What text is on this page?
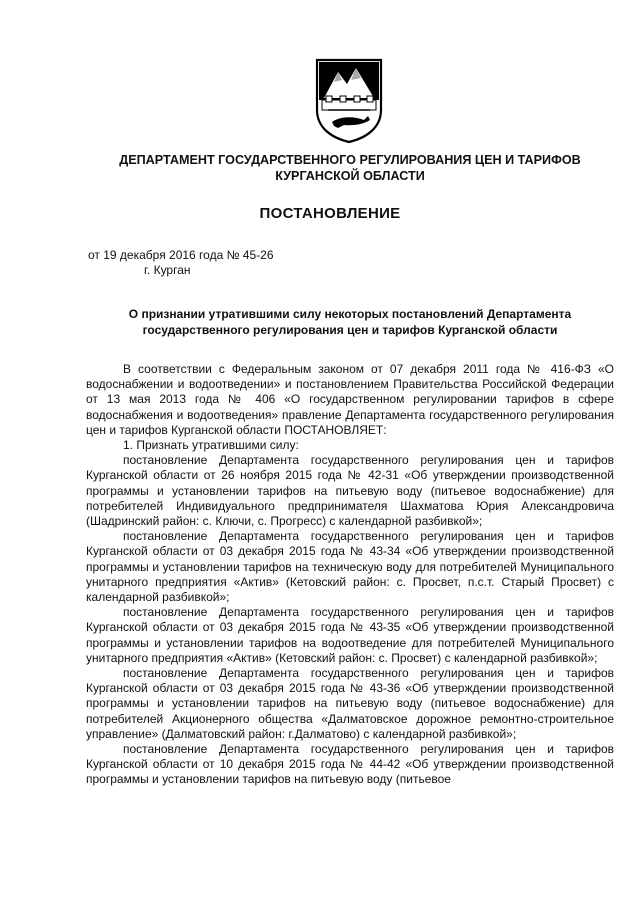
ДЕПАРТАМЕНТ ГОСУДАРСТВЕННОГО РЕГУЛИРОВАНИЯ ЦЕН И ТАРИФОВ
КУРГАНСКОЙ ОБЛАСТИ
ПОСТАНОВЛЕНИЕ
от 19 декабря 2016 года № 45-26
г. Курган
О признании утратившими силу некоторых постановлений Департамента
государственного регулирования цен и тарифов Курганской области

В соответствии с Федеральным законом от 07 декабря 2011 года № 416-ФЗ «О водоснабжении и водоотведении» и постановлением Правительства Российской Федерации от 13 мая 2013 года № 406 «О государственном регулировании тарифов в сфере водоснабжения и водоотведения» правление Департамента государственного регулирования цен и тарифов Курганской области ПОСТАНОВЛЯЕТ:

1. Признать утратившими силу:

постановление Департамента государственного регулирования цен и тарифов Курганской области от 26 ноября 2015 года № 42-31 «Об утверждении производственной программы и установлении тарифов на питьевую воду (питьевое водоснабжение) для потребителей Индивидуального предпринимателя Шахматова Юрия Александровича (Шадринский район: с. Ключи, с. Прогресс) с календарной разбивкой»;

постановление Департамента государственного регулирования цен и тарифов Курганской области от 03 декабря 2015 года № 43-34 «Об утверждении производственной программы и установлении тарифов на техническую воду для потребителей Муниципального унитарного предприятия «Актив» (Кетовский район: с. Просвет, п.с.т. Старый Просвет) с календарной разбивкой»;

постановление Департамента государственного регулирования цен и тарифов Курганской области от 03 декабря 2015 года № 43-35 «Об утверждении производственной программы и установлении тарифов на водоотведение для потребителей Муниципального унитарного предприятия «Актив» (Кетовский район: с. Просвет) с календарной разбивкой»;

постановление Департамента государственного регулирования цен и тарифов Курганской области от 03 декабря 2015 года № 43-36 «Об утверждении производственной программы и установлении тарифов на питьевую воду (питьевое водоснабжение) для потребителей Акционерного общества «Далматовское дорожное ремонтно-строительное управление» (Далматовский район: г.Далматово) с календарной разбивкой»;

постановление Департамента государственного регулирования цен и тарифов Курганской области от 10 декабря 2015 года № 44-42 «Об утверждении производственной программы и установлении тарифов на питьевую воду (питьевое
